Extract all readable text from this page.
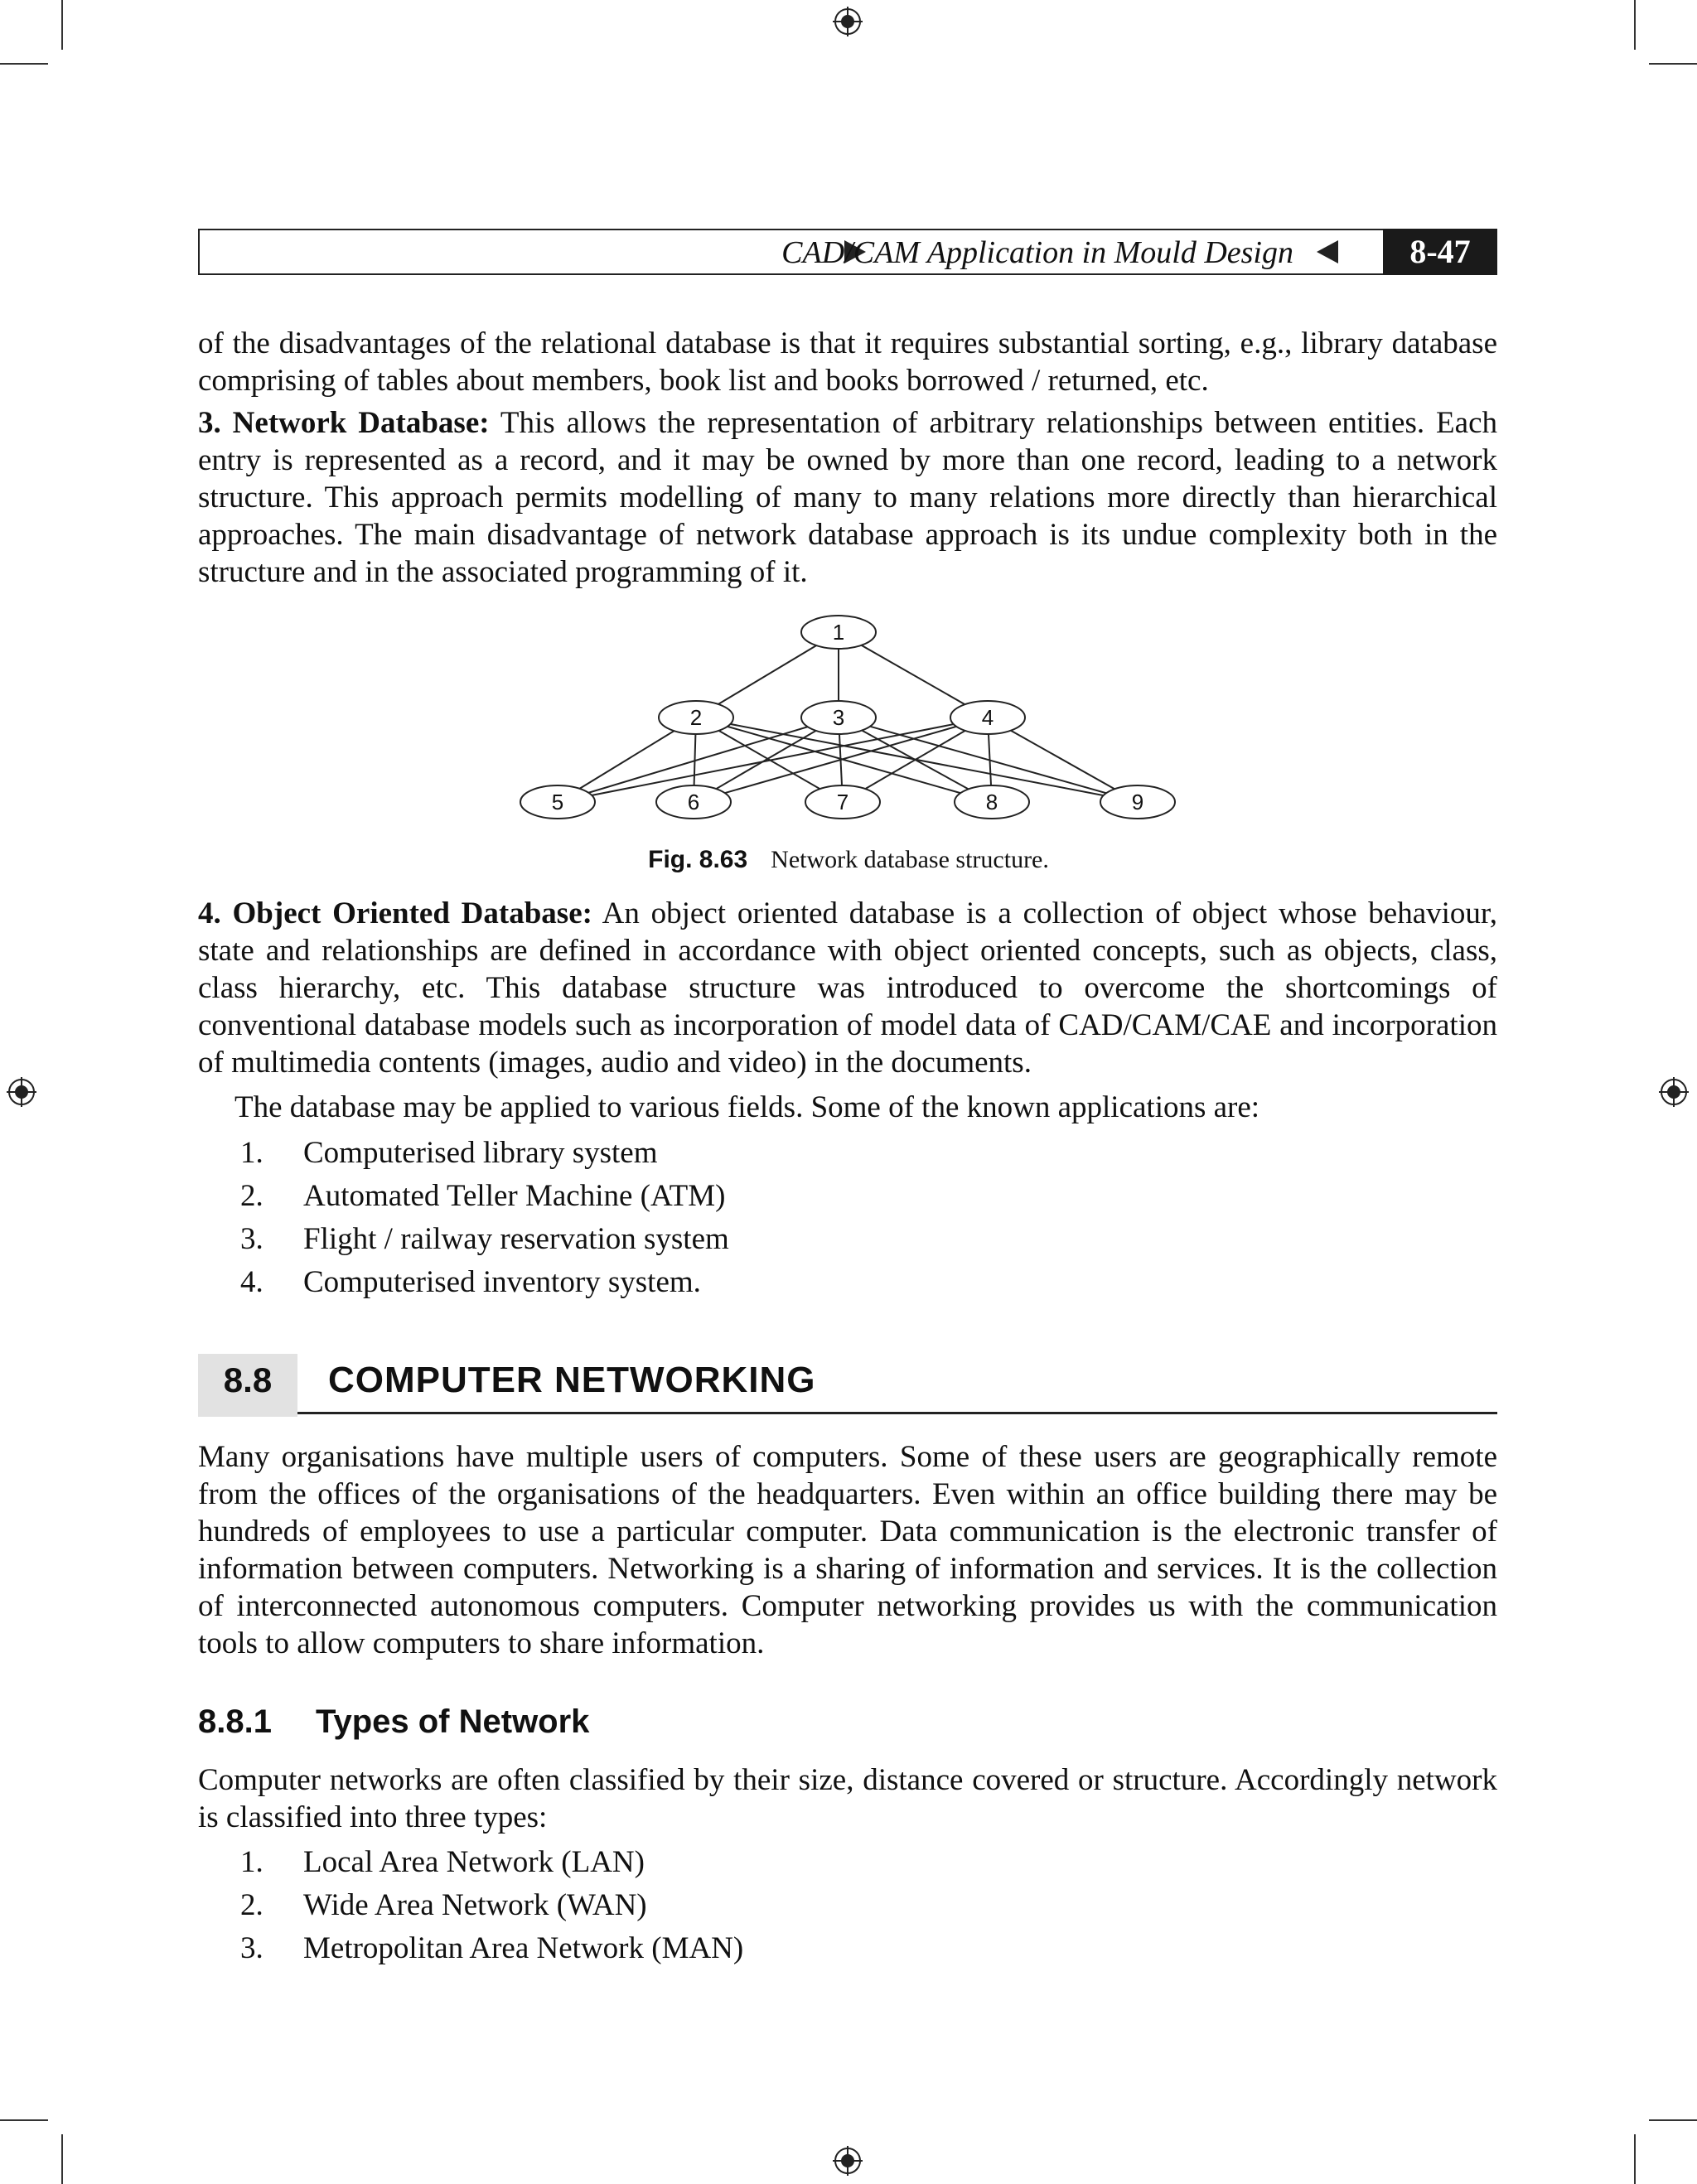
CAD/CAM Application in Mould Design	8-47

of the disadvantages of the relational database is that it requires substantial sorting, e.g., library database comprising of tables about members, book list and books borrowed / returned, etc.

3. Network Database: This allows the representation of arbitrary relationships between entities. Each entry is represented as a record, and it may be owned by more than one record, leading to a network structure. This approach permits modelling of many to many relations more directly than hierarchical approaches. The main disadvantage of network database approach is its undue complexity both in the structure and in the associated programming of it.

1
2	3	4
5	6	7	8	9
Fig. 8.63 Network database structure.

4. Object Oriented Database: An object oriented database is a collection of object whose behaviour, state and relationships are defined in accordance with object oriented concepts, such as objects, class, class hierarchy, etc. This database structure was introduced to overcome the shortcomings of conventional database models such as incorporation of model data of CAD/CAM/CAE and incorporation of multimedia contents (images, audio and video) in the documents.

The database may be applied to various fields. Some of the known applications are:

1.	Computerised library system
2.	Automated Teller Machine (ATM)
3.	Flight / railway reservation system
4.	Computerised inventory system.
8.8	COMPUTER NETWORKING

Many organisations have multiple users of computers. Some of these users are geographically remote from the offices of the organisations of the headquarters. Even within an office building there may be hundreds of employees to use a particular computer. Data communication is the electronic transfer of information between computers. Networking is a sharing of information and services. It is the collection of interconnected autonomous computers. Computer networking provides us with the communication tools to allow computers to share information.

8.8.1 Types of Network

Computer networks are often classified by their size, distance covered or structure. Accordingly network is classified into three types:

1.	Local Area Network (LAN)
2.	Wide Area Network (WAN)
3.	Metropolitan Area Network (MAN)
